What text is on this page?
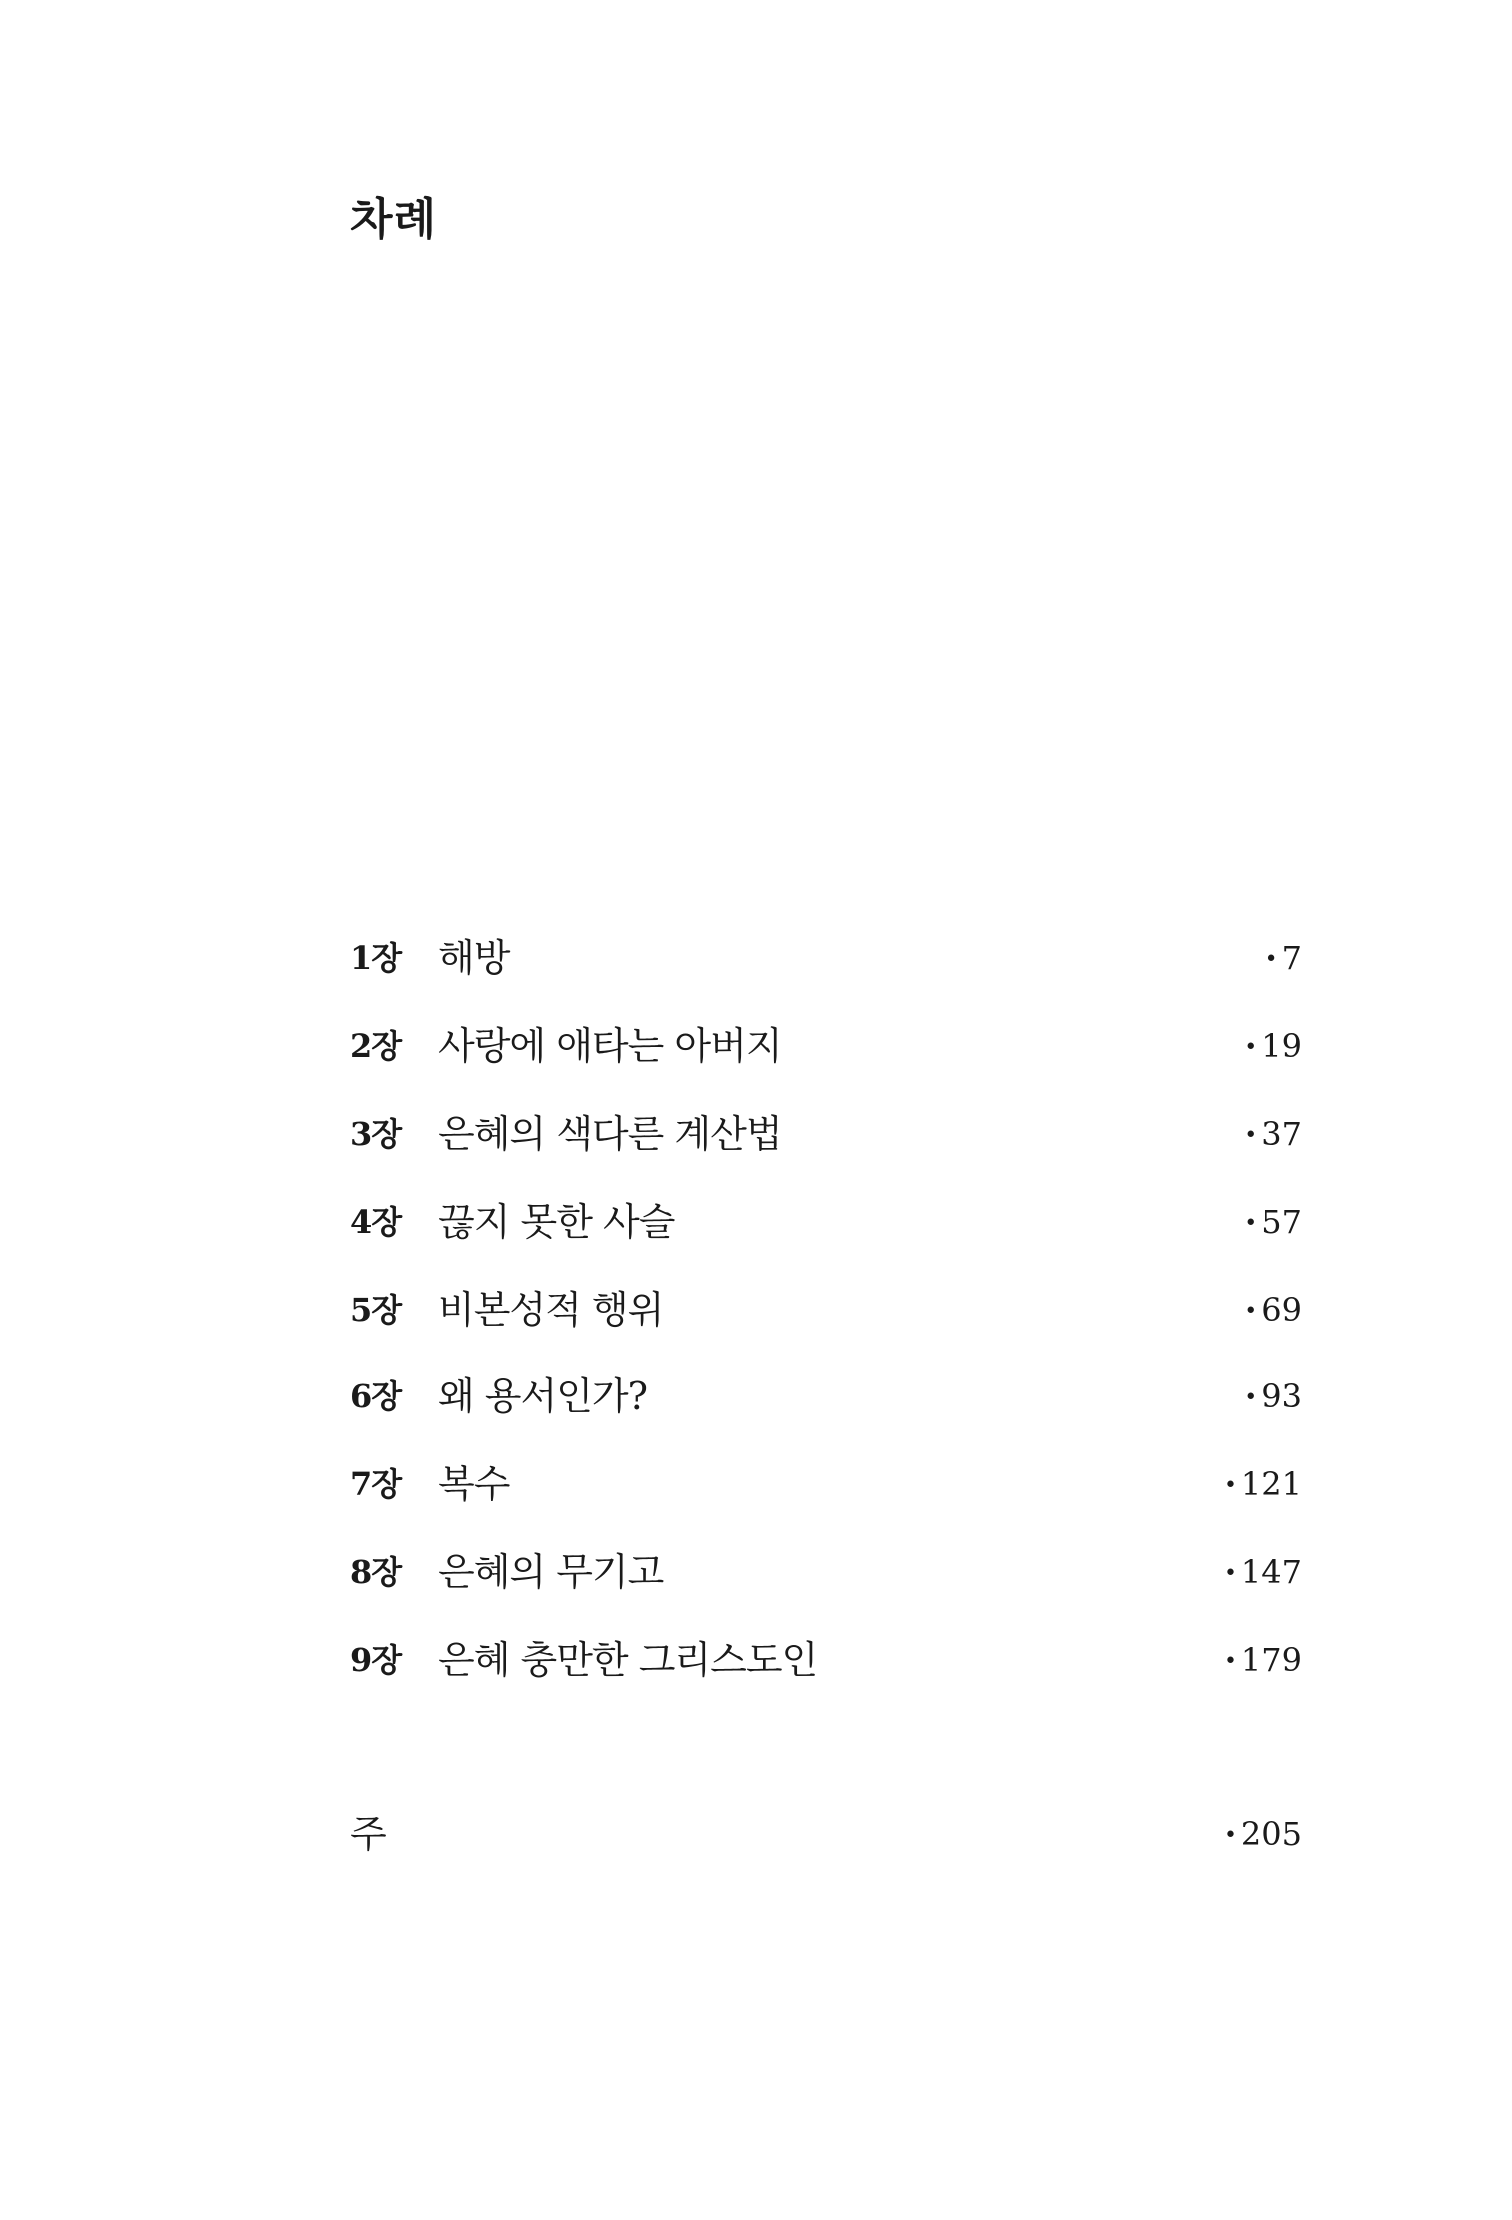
차례
1장 해방	• 7
2장 사랑에 애타는 아버지	• 19
3장 은혜의 색다른 계산법	• 37
4장 끊지 못한 사슬	• 57
5장 비본성적 행위	• 69
6장 왜 용서인가?	• 93
7장 복수	• 121
8장 은혜의 무기고	• 147
9장 은혜 충만한 그리스도인	• 179
주	• 205
